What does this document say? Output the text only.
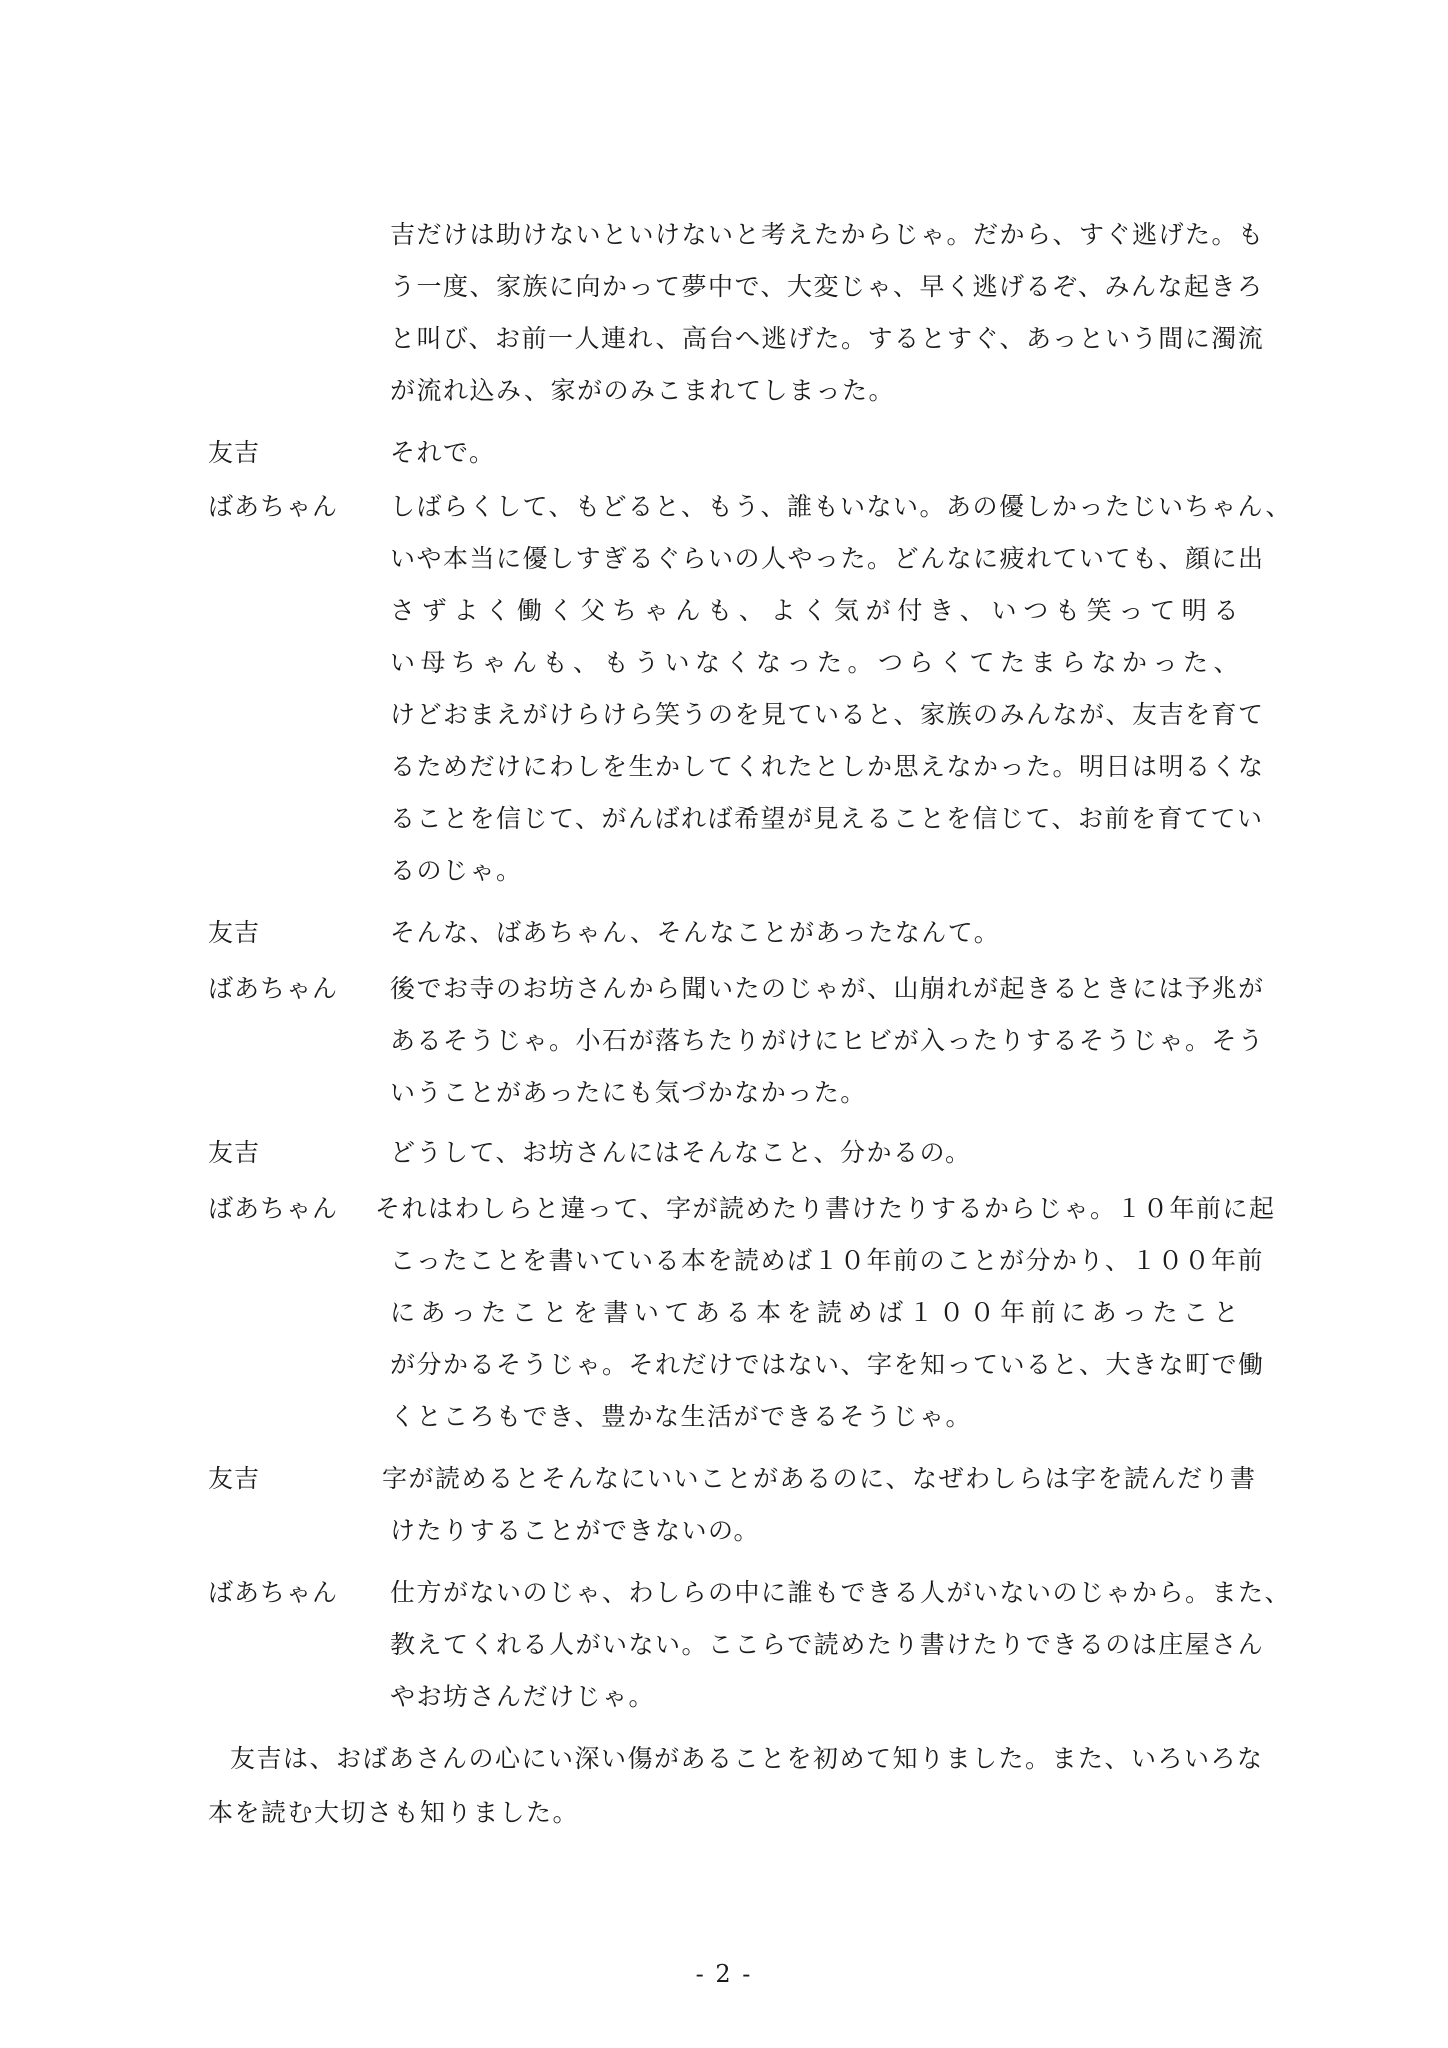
吉だけは助けないといけないと考えたからじゃ。だから、すぐ逃げた。も
う一度、家族に向かって夢中で、大変じゃ、早く逃げるぞ、みんな起きろ
と叫び、お前一人連れ、高台へ逃げた。するとすぐ、あっという間に濁流
が流れ込み、家がのみこまれてしまった。
友吉	それで。
ばあちゃん しばらくして、もどると、もう、誰もいない。あの優しかったじいちゃん、
いや本当に優しすぎるぐらいの人やった。どんなに疲れていても、顔に出
さずよく働く父ちゃんも、よく気が付き、いつも笑って明る
い母ちゃんも、もういなくなった。つらくてたまらなかった、
けどおまえがけらけら笑うのを見ていると、家族のみんなが、友吉を育て
るためだけにわしを生かしてくれたとしか思えなかった。明日は明るくな
ることを信じて、がんばれば希望が見えることを信じて、お前を育ててい
るのじゃ。
友吉	そんな、ばあちゃん、そんなことがあったなんて。
ばあちゃん 後でお寺のお坊さんから聞いたのじゃが、山崩れが起きるときには予兆が
あるそうじゃ。小石が落ちたりがけにヒビが入ったりするそうじゃ。そう
いうことがあったにも気づかなかった。
友吉	どうして、お坊さんにはそんなこと、分かるの。
ばあちゃん それはわしらと違って、字が読めたり書けたりするからじゃ。１０年前に起
こったことを書いている本を読めば１０年前のことが分かり、１００年前
にあったことを書いてある本を読めば１００年前にあったこと
が分かるそうじゃ。それだけではない、字を知っていると、大きな町で働
くところもでき、豊かな生活ができるそうじゃ。
友吉	字が読めるとそんなにいいことがあるのに、なぜわしらは字を読んだり書
けたりすることができないの。
ばあちゃん 仕方がないのじゃ、わしらの中に誰もできる人がいないのじゃから。また、
教えてくれる人がいない。ここらで読めたり書けたりできるのは庄屋さん
やお坊さんだけじゃ。
友吉は、おばあさんの心にい深い傷があることを初めて知りました。また、いろいろな
本を読む大切さも知りました。
- 2 -
